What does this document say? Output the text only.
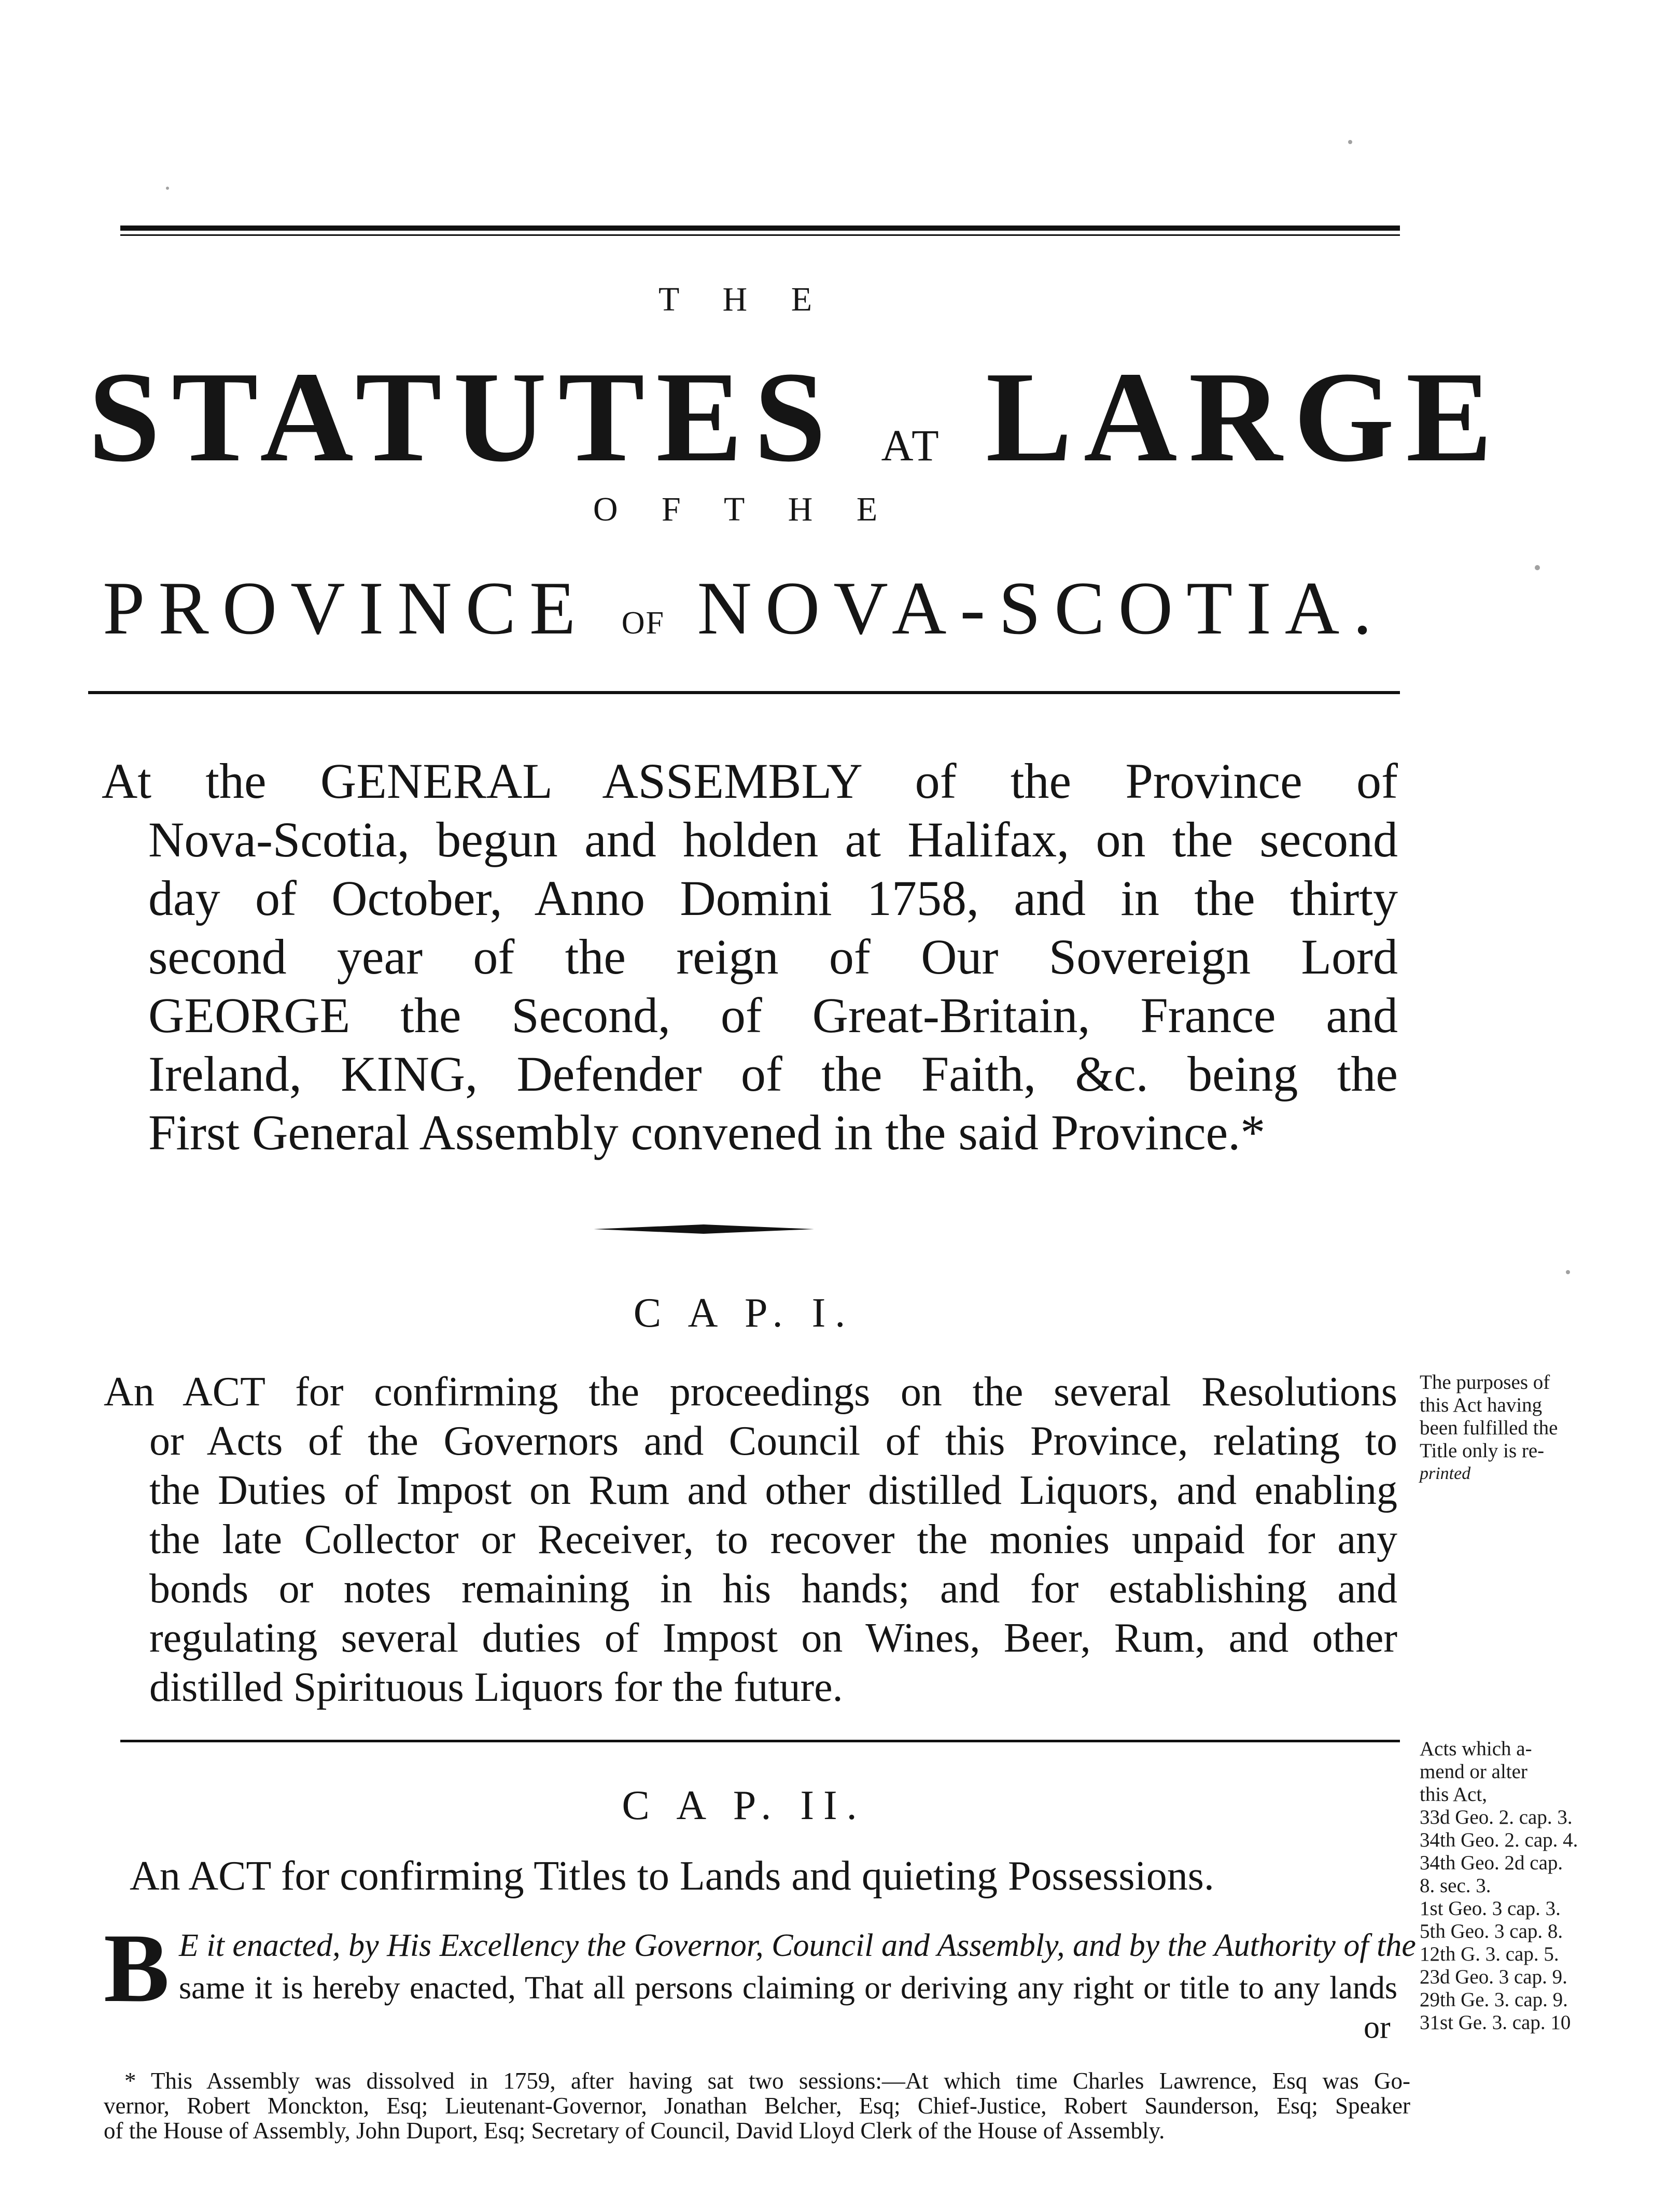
T H E
STATUTES AT LARGE
O F T H E
PROVINCE OF NOVA-SCOTIA.
At the GENERAL ASSEMBLY of the Province of
Nova-Scotia, begun and holden at Halifax, on the second
day of October, Anno Domini 1758, and in the thirty
second year of the reign of Our Sovereign Lord
GEORGE the Second, of Great-Britain, France and
Ireland, KING, Defender of the Faith, &c. being the
First General Assembly convened in the said Province.*
C A P. I.
An ACT for confirming the proceedings on the several Resolutions
or Acts of the Governors and Council of this Province, relating to
the Duties of Impost on Rum and other distilled Liquors, and enabling
the late Collector or Receiver, to recover the monies unpaid for any
bonds or notes remaining in his hands; and for establishing and
regulating several duties of Impost on Wines, Beer, Rum, and other
distilled Spirituous Liquors for the future.
The purposes of
this Act having
been fulfilled the
Title only is re-
printed
C A P. II.
An ACT for confirming Titles to Lands and quieting Possessions.
B E it enacted, by His Excellency the Governor, Council and Assembly, and by the Authority of the
same it is hereby enacted, That all persons claiming or deriving any right or title to any lands
or
Acts which a-
mend or alter
this Act,
33d Geo. 2. cap. 3.
34th Geo. 2. cap. 4.
34th Geo. 2d cap.
8. sec. 3.
1st Geo. 3 cap. 3.
5th Geo. 3 cap. 8.
12th G. 3. cap. 5.
23d Geo. 3 cap. 9.
29th Ge. 3. cap. 9.
31st Ge. 3. cap. 10
* This Assembly was dissolved in 1759, after having sat two sessions:—At which time Charles Lawrence, Esq was Go-
vernor, Robert Monckton, Esq; Lieutenant-Governor, Jonathan Belcher, Esq; Chief-Justice, Robert Saunderson, Esq; Speaker
of the House of Assembly, John Duport, Esq; Secretary of Council, David Lloyd Clerk of the House of Assembly.
